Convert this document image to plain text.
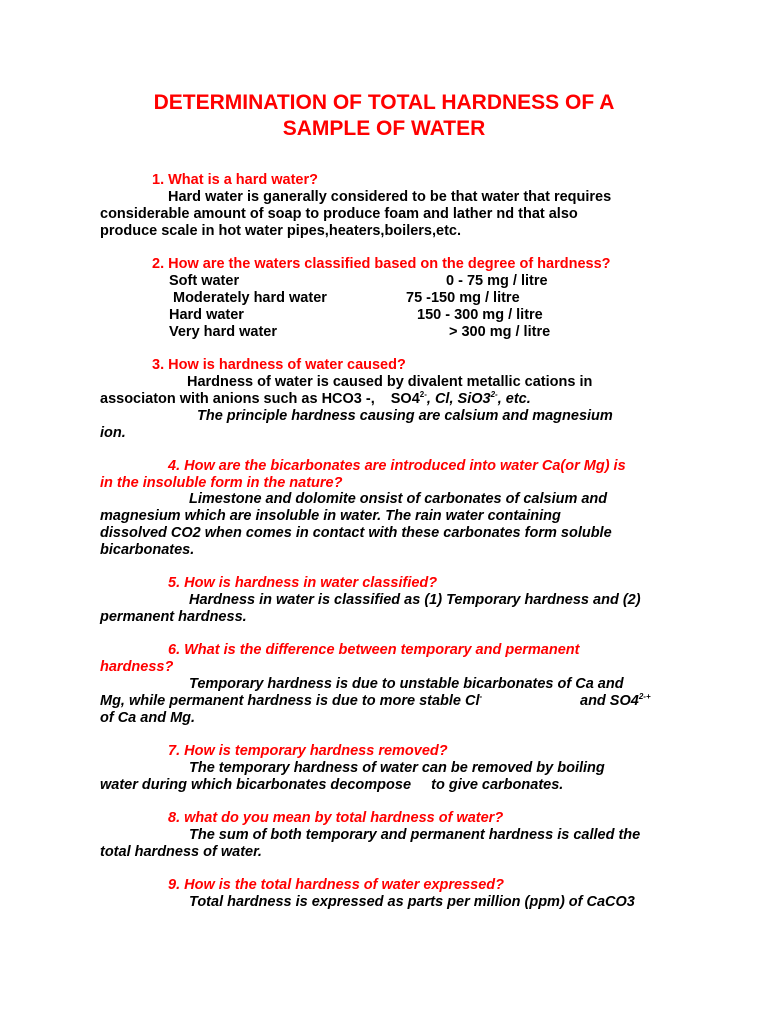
DETERMINATION OF TOTAL HARDNESS OF A
SAMPLE OF WATER
1. What is a hard water?
Hard water is ganerally considered to be that water that requires
considerable amount of soap to produce foam and lather nd that also
produce scale in hot water pipes,heaters,boilers,etc.
2. How are the waters classified based on the degree of hardness?
Soft water	0 - 75 mg / litre
Moderately hard water	75 -150 mg / litre
Hard water	150 - 300 mg / litre
Very hard water	> 300 mg / litre
3. How is hardness of water caused?
Hardness of water is caused by divalent metallic cations in
associaton with anions such as HCO3 -, $SO4^{2-}$, Cl, $SiO3^{2-}$, etc.
The principle hardness causing are calsium and magnesium
ion.
4. How are the bicarbonates are introduced into water Ca(or Mg) is
in the insoluble form in the nature?
Limestone and dolomite onsist of carbonates of calsium and
magnesium which are insoluble in water. The rain water containing
dissolved CO2 when comes in contact with these carbonates form soluble
bicarbonates.
5. How is hardness in water classified?
Hardness in water is classified as (1) Temporary hardness and (2)
permanent hardness.
6. What is the difference between temporary and permanent
hardness?
Temporary hardness is due to unstable bicarbonates of Ca and
Mg, while permanent hardness is due to more stable Cl-	and $SO4^{2-+}$
of Ca and Mg.
7. How is temporary hardness removed?
The temporary hardness of water can be removed by boiling
water during which bicarbonates decompose     to give carbonates.
8. what do you mean by total hardness of water?
The sum of both temporary and permanent hardness is called the
total hardness of water.
9. How is the total hardness of water expressed?
Total hardness is expressed as parts per million (ppm) of CaCO3
